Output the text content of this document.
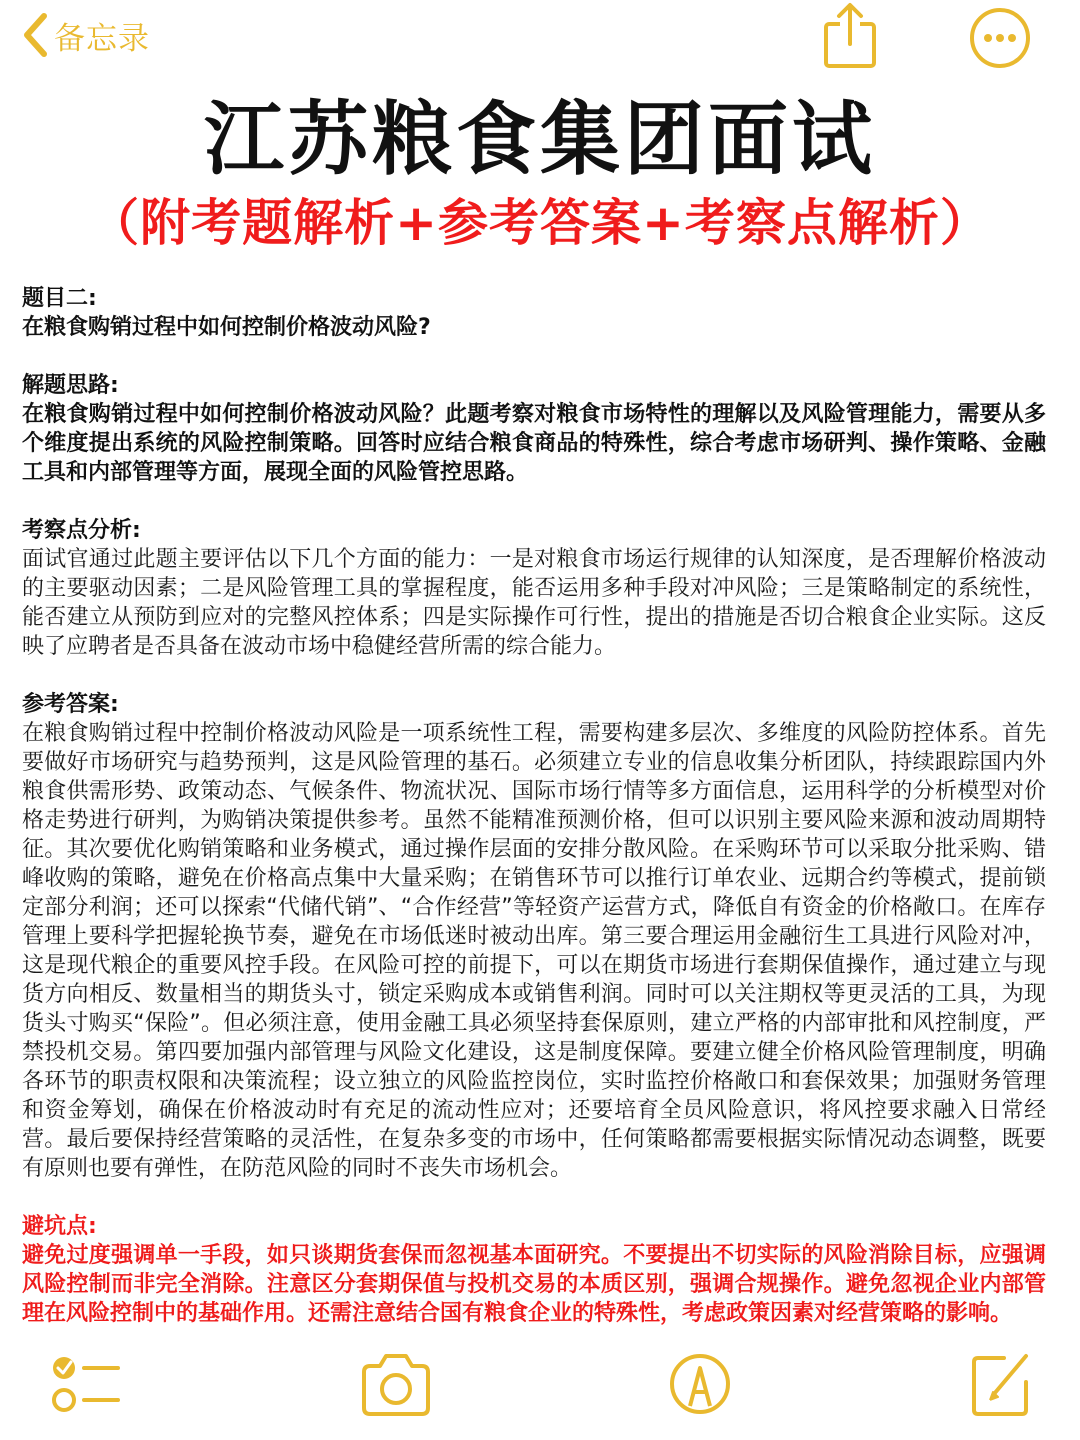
备忘录
江苏粮食集团面试
（附考题解析+参考答案+考察点解析）

题目二:

在粮食购销过程中如何控制价格波动风险?

解题思路:

在粮食购销过程中如何控制价格波动风险？此题考察对粮食市场特性的理解以及风险管理能力，需要从多个维度提出系统的风险控制策略。回答时应结合粮食商品的特殊性，综合考虑市场研判、操作策略、金融工具和内部管理等方面，展现全面的风险管控思路。

考察点分析:

面试官通过此题主要评估以下几个方面的能力：一是对粮食市场运行规律的认知深度，是否理解价格波动的主要驱动因素；二是风险管理工具的掌握程度，能否运用多种手段对冲风险；三是策略制定的系统性，能否建立从预防到应对的完整风控体系；四是实际操作可行性，提出的措施是否切合粮食企业实际。这反映了应聘者是否具备在波动市场中稳健经营所需的综合能力。

参考答案:

在粮食购销过程中控制价格波动风险是一项系统性工程，需要构建多层次、多维度的风险防控体系。首先要做好市场研究与趋势预判，这是风险管理的基石。必须建立专业的信息收集分析团队，持续跟踪国内外粮食供需形势、政策动态、气候条件、物流状况、国际市场行情等多方面信息，运用科学的分析模型对价格走势进行研判，为购销决策提供参考。虽然不能精准预测价格，但可以识别主要风险来源和波动周期特征。其次要优化购销策略和业务模式，通过操作层面的安排分散风险。在采购环节可以采取分批采购、错峰收购的策略，避免在价格高点集中大量采购；在销售环节可以推行订单农业、远期合约等模式，提前锁定部分利润；还可以探索“代储代销”、“合作经营”等轻资产运营方式，降低自有资金的价格敞口。在库存管理上要科学把握轮换节奏，避免在市场低迷时被动出库。第三要合理运用金融衍生工具进行风险对冲，这是现代粮企的重要风控手段。在风险可控的前提下，可以在期货市场进行套期保值操作，通过建立与现货方向相反、数量相当的期货头寸，锁定采购成本或销售利润。同时可以关注期权等更灵活的工具，为现货头寸购买“保险”。但必须注意，使用金融工具必须坚持套保原则，建立严格的内部审批和风控制度，严禁投机交易。第四要加强内部管理与风险文化建设，这是制度保障。要建立健全价格风险管理制度，明确各环节的职责权限和决策流程；设立独立的风险监控岗位，实时监控价格敞口和套保效果；加强财务管理和资金筹划，确保在价格波动时有充足的流动性应对；还要培育全员风险意识，将风控要求融入日常经营。最后要保持经营策略的灵活性，在复杂多变的市场中，任何策略都需要根据实际情况动态调整，既要有原则也要有弹性，在防范风险的同时不丧失市场机会。

避坑点:

避免过度强调单一手段，如只谈期货套保而忽视基本面研究。不要提出不切实际的风险消除目标，应强调风险控制而非完全消除。注意区分套期保值与投机交易的本质区别，强调合规操作。避免忽视企业内部管理在风险控制中的基础作用。还需注意结合国有粮食企业的特殊性，考虑政策因素对经营策略的影响。
